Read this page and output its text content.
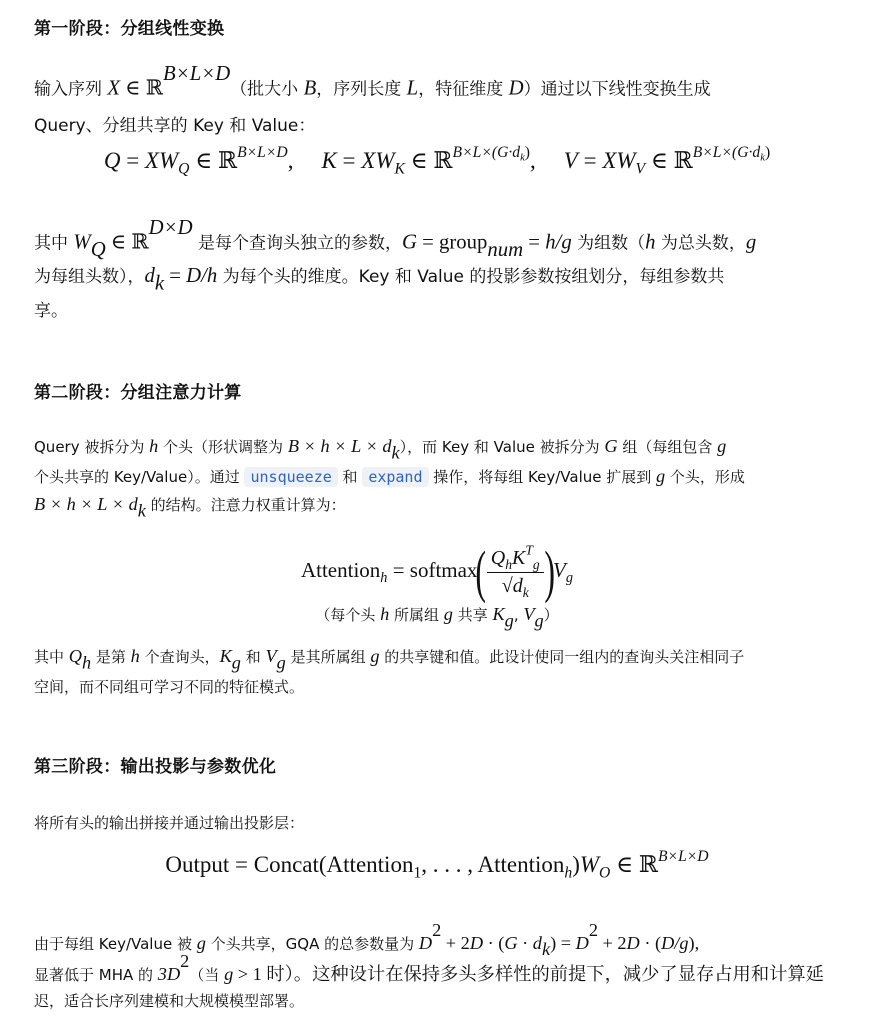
第一阶段：分组线性变换
输入序列 X ∈ ℝ$^{B\times L\times D}$（批大小 B，序列长度 L，特征维度 D）通过以下线性变换生成
Query、分组共享的 Key 和 Value：
$Q = XW_Q$ ∈ ℝ$^{B\times L\times D}$, $K = XW_K$ ∈ ℝ$^{B\times L\times(G\cdot d_k)}$, $V = XW_V$ ∈ ℝ$^{B\times L\times(G\cdot d_k)}$
其中 $W_Q$ ∈ ℝ$^{D\times D}$ 是每个查询头独立的参数，G = group$_{num}$ = h/g 为组数（h 为总头数，g
为每组头数），$d_k = D/h$ 为每个头的维度。Key 和 Value 的投影参数按组划分，每组参数共
享。
第二阶段：分组注意力计算
Query 被拆分为 h 个头（形状调整为 $B \times h \times L \times d_k$），而 Key 和 Value 被拆分为 G 组（每组包含 g
个头共享的 Key/Value）。通过 unsqueeze 和 expand 操作，将每组 Key/Value 扩展到 g 个头，形成
$B \times h \times L \times d_k$ 的结构。注意力权重计算为：
Attention$_h$ = softmax( $\frac{Q_hK^T_g}{√d_k} )V_g$
（每个头 h 所属组 g 共享 $K_g$, $V_g$）
其中 $Q_h$ 是第 h 个查询头，$K_g$ 和 $V_g$ 是其所属组 g 的共享键和值。此设计使同一组内的查询头关注相同子
空间，而不同组可学习不同的特征模式。
第三阶段：输出投影与参数优化
将所有头的输出拼接并通过输出投影层：
Output = Concat(Attention$_1$, . . . , $Attention_h)W_O$ ∈ ℝ$^{B\times L\times D}$
由于每组 Key/Value 被 g 个头共享，GQA 的总参数量为 $D^2 + 2D \cdot (G \cdot d_k) = D^2 + 2D \cdot (D/g)$,
显著低于 MHA 的 $3D^2$（当 g > 1 时）。这种设计在保持多头多样性的前提下，减少了显存占用和计算延
迟，适合长序列建模和大规模模型部署。
